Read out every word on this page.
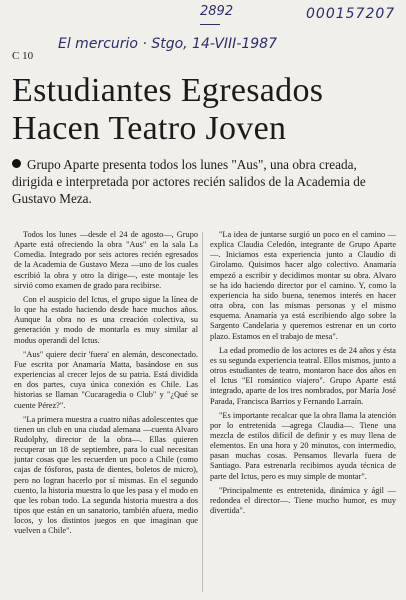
2892	000157207
El mercurio · Stgo, 14-VIII-1987
C 10
Estudiantes Egresados
Hacen Teatro Joven

Grupo Aparte presenta todos los lunes "Aus", una obra creada, dirigida e interpretada por actores recién salidos de la Academia de Gustavo Meza.

Todos los lunes —desde el 24 de agosto—, Grupo Aparte está ofreciendo la obra "Aus" en la sala La Comedia. Integrado por seis actores recién egresados de la Academia de Gustavo Meza —uno de los cuales escribió la obra y otro la dirige—, este montaje les sirvió como examen de grado para recibirse.

Con el auspicio del Ictus, el grupo sigue la línea de lo que ha estado haciendo desde hace muchos años. Aunque la obra no es una creación colectiva, su generación y modo de montarla es muy similar al modus operandi del Ictus.

"Aus" quiere decir 'fuera' en alemán, desconectado. Fue escrita por Anamaría Matta, basándose en sus experiencias al crecer lejos de su patria. Está dividida en dos partes, cuya única conexión es Chile. Las historias se llaman "Cucaragedia o Club" y "¿Qué se cuente Pérez?".

"La primera muestra a cuatro niñas adolescentes que tienen un club en una ciudad alemana —cuenta Alvaro Rudolphy, director de la obra—. Ellas quieren recuperar un 18 de septiembre, para lo cual necesitan juntar cosas que les recuerden un poco a Chile (como cajas de fósforos, pasta de dientes, boletos de micro), pero no logran hacerlo por sí mismas. En el segundo cuento, la historia muestra lo que les pasa y el modo en que les roban todo. La segunda historia muestra a dos tipos que están en un sanatorio, también afuera, medio locos, y los distintos juegos en que imaginan que vuelven a Chile".

"La idea de juntarse surgió un poco en el camino —explica Claudia Celedón, integrante de Grupo Aparte—. Iniciamos esta experiencia junto a Claudio di Girolamo. Quisimos hacer algo colectivo. Anamaría empezó a escribir y decidimos montar su obra. Alvaro se ha ido haciendo director por el camino. Y, como la experiencia ha sido buena, tenemos interés en hacer otra obra, con las mismas personas y el mismo esquema. Anamaría ya está escribiendo algo sobre la Sargento Candelaria y queremos estrenar en un corto plazo. Estamos en el trabajo de mesa".

La edad promedio de los actores es de 24 años y ésta es su segunda experiencia teatral. Ellos mismos, junto a otros estudiantes de teatro, montaron hace dos años en el Ictus "El romántico viajero". Grupo Aparte está integrado, aparte de los tres nombrados, por María José Parada, Francisca Barrios y Fernando Larraín.

"Es importante recalcar que la obra llama la atención por lo entretenida —agrega Claudia—. Tiene una mezcla de estilos difícil de definir y es muy llena de elementos. En una hora y 20 minutos, con intermedio, pasan muchas cosas. Pensamos llevarla fuera de Santiago. Para estrenarla recibimos ayuda técnica de parte del Ictus, pero es muy simple de montar".

"Principalmente es entretenida, dinámica y ágil —redondea el director—. Tiene mucho humor, es muy divertida".
